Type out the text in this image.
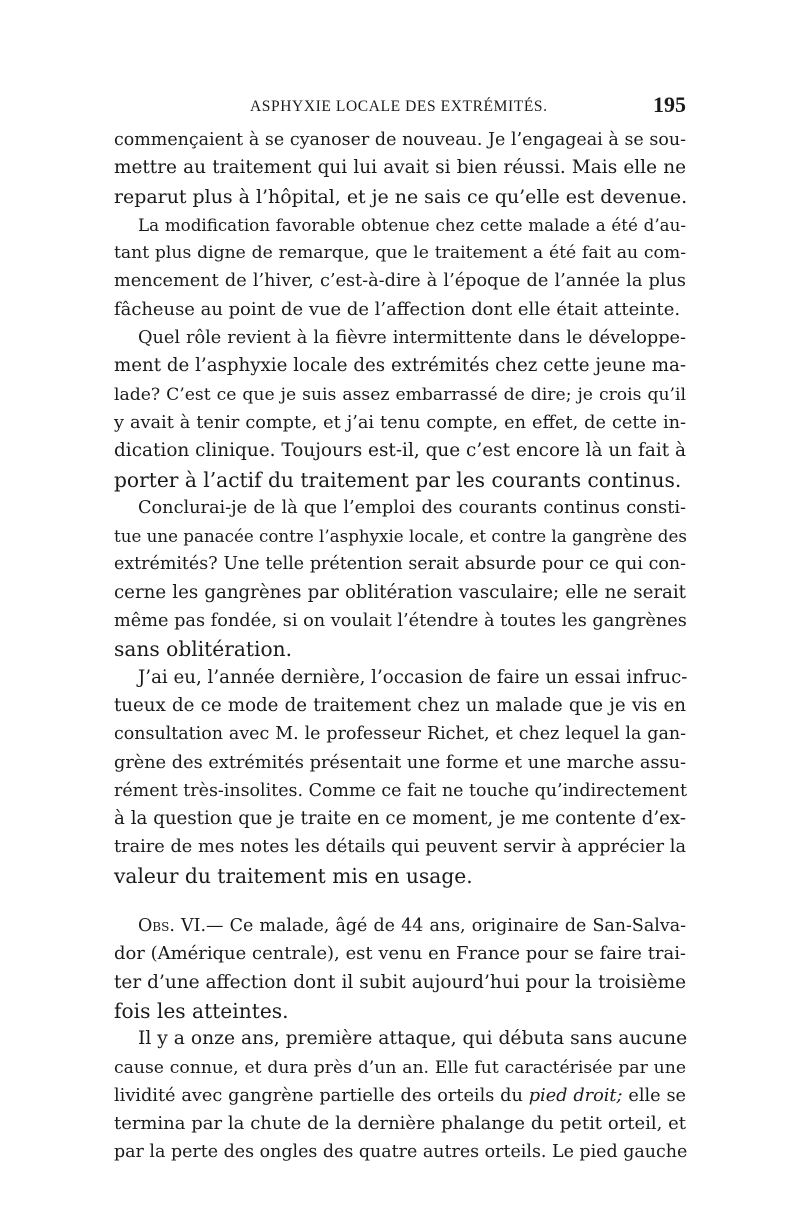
ASPHYXIE LOCALE DES EXTRÉMITÉS.	195

commençaient à se cyanoser de nouveau. Je l’engageai à se sou-
mettre au traitement qui lui avait si bien réussi. Mais elle ne
reparut plus à l’hôpital, et je ne sais ce qu’elle est devenue.

La modification favorable obtenue chez cette malade a été d’au-
tant plus digne de remarque, que le traitement a été fait au com-
mencement de l’hiver, c’est-à-dire à l’époque de l’année la plus
fâcheuse au point de vue de l’affection dont elle était atteinte.

Quel rôle revient à la fièvre intermittente dans le développe-
ment de l’asphyxie locale des extrémités chez cette jeune ma-
lade? C’est ce que je suis assez embarrassé de dire; je crois qu’il
y avait à tenir compte, et j’ai tenu compte, en effet, de cette in-
dication clinique. Toujours est-il, que c’est encore là un fait à
porter à l’actif du traitement par les courants continus.

Conclurai-je de là que l’emploi des courants continus consti-
tue une panacée contre l’asphyxie locale, et contre la gangrène des
extrémités? Une telle prétention serait absurde pour ce qui con-
cerne les gangrènes par oblitération vasculaire; elle ne serait
même pas fondée, si on voulait l’étendre à toutes les gangrènes
sans oblitération.

J’ai eu, l’année dernière, l’occasion de faire un essai infruc-
tueux de ce mode de traitement chez un malade que je vis en
consultation avec M. le professeur Richet, et chez lequel la gan-
grène des extrémités présentait une forme et une marche assu-
rément très-insolites. Comme ce fait ne touche qu’indirectement
à la question que je traite en ce moment, je me contente d’ex-
traire de mes notes les détails qui peuvent servir à apprécier la
valeur du traitement mis en usage.

Obs. VI.— Ce malade, âgé de 44 ans, originaire de San-Salva-
dor (Amérique centrale), est venu en France pour se faire trai-
ter d’une affection dont il subit aujourd’hui pour la troisième
fois les atteintes.

Il y a onze ans, première attaque, qui débuta sans aucune
cause connue, et dura près d’un an. Elle fut caractérisée par une
lividité avec gangrène partielle des orteils du pied droit; elle se
termina par la chute de la dernière phalange du petit orteil, et
par la perte des ongles des quatre autres orteils. Le pied gauche
